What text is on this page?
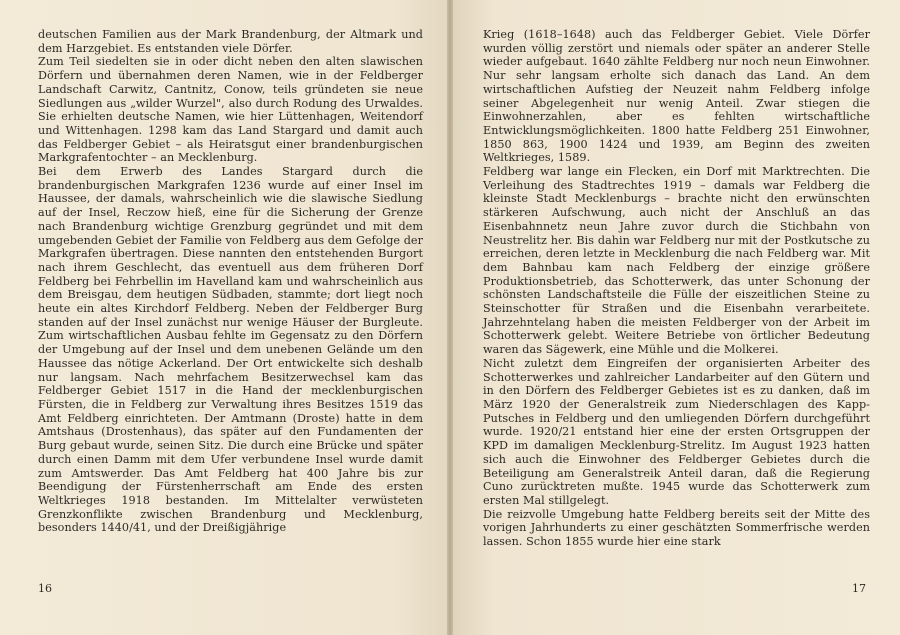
deutschen Familien aus der Mark Brandenburg, der Altmark und dem Harzgebiet. Es entstanden viele Dörfer.

Zum Teil siedelten sie in oder dicht neben den alten slawischen Dörfern und übernahmen deren Namen, wie in der Feldberger Landschaft Carwitz, Cantnitz, Conow, teils gründeten sie neue Siedlungen aus „wilder Wurzel", also durch Rodung des Urwaldes. Sie erhielten deutsche Namen, wie hier Lüttenhagen, Weitendorf und Wittenhagen. 1298 kam das Land Stargard und damit auch das Feldberger Gebiet – als Heiratsgut einer brandenburgischen Markgrafentochter – an Mecklenburg.

Bei dem Erwerb des Landes Stargard durch die brandenburgischen Markgrafen 1236 wurde auf einer Insel im Haussee, der damals, wahrscheinlich wie die slawische Siedlung auf der Insel, Reczow hieß, eine für die Sicherung der Grenze nach Brandenburg wichtige Grenzburg gegründet und mit dem umgebenden Gebiet der Familie von Feldberg aus dem Gefolge der Markgrafen übertragen. Diese nannten den entstehenden Burgort nach ihrem Geschlecht, das eventuell aus dem früheren Dorf Feldberg bei Fehrbellin im Havelland kam und wahrscheinlich aus dem Breisgau, dem heutigen Südbaden, stammte; dort liegt noch heute ein altes Kirchdorf Feldberg. Neben der Feldberger Burg standen auf der Insel zunächst nur wenige Häuser der Burgleute. Zum wirtschaftlichen Ausbau fehlte im Gegensatz zu den Dörfern der Umgebung auf der Insel und dem unebenen Gelände um den Haussee das nötige Ackerland. Der Ort entwickelte sich deshalb nur langsam. Nach mehrfachem Besitzerwechsel kam das Feldberger Gebiet 1517 in die Hand der mecklenburgischen Fürsten, die in Feldberg zur Verwaltung ihres Besitzes 1519 das Amt Feldberg einrichteten. Der Amtmann (Droste) hatte in dem Amtshaus (Drostenhaus), das später auf den Fundamenten der Burg gebaut wurde, seinen Sitz. Die durch eine Brücke und später durch einen Damm mit dem Ufer verbundene Insel wurde damit zum Amtswerder. Das Amt Feldberg hat 400 Jahre bis zur Beendigung der Fürstenherrschaft am Ende des ersten Weltkrieges 1918 bestanden. Im Mittelalter verwüsteten Grenzkonflikte zwischen Brandenburg und Mecklenburg, besonders 1440/41, und der Dreißigjährige

16

Krieg (1618–1648) auch das Feldberger Gebiet. Viele Dörfer wurden völlig zerstört und niemals oder später an anderer Stelle wieder aufgebaut. 1640 zählte Feldberg nur noch neun Einwohner. Nur sehr langsam erholte sich danach das Land. An dem wirtschaftlichen Aufstieg der Neuzeit nahm Feldberg infolge seiner Abgelegenheit nur wenig Anteil. Zwar stiegen die Einwohnerzahlen, aber es fehlten wirtschaftliche Entwicklungsmöglichkeiten. 1800 hatte Feldberg 251 Einwohner, 1850 863, 1900 1424 und 1939, am Beginn des zweiten Weltkrieges, 1589.

Feldberg war lange ein Flecken, ein Dorf mit Marktrechten. Die Verleihung des Stadtrechtes 1919 – damals war Feldberg die kleinste Stadt Mecklenburgs – brachte nicht den erwünschten stärkeren Aufschwung, auch nicht der Anschluß an das Eisenbahnnetz neun Jahre zuvor durch die Stichbahn von Neustrelitz her. Bis dahin war Feldberg nur mit der Postkutsche zu erreichen, deren letzte in Mecklenburg die nach Feldberg war. Mit dem Bahnbau kam nach Feldberg der einzige größere Produktionsbetrieb, das Schotterwerk, das unter Schonung der schönsten Landschaftsteile die Fülle der eiszeitlichen Steine zu Steinschotter für Straßen und die Eisenbahn verarbeitete. Jahrzehntelang haben die meisten Feldberger von der Arbeit im Schotterwerk gelebt. Weitere Betriebe von örtlicher Bedeutung waren das Sägewerk, eine Mühle und die Molkerei.

Nicht zuletzt dem Eingreifen der organisierten Arbeiter des Schotterwerkes und zahlreicher Landarbeiter auf den Gütern und in den Dörfern des Feldberger Gebietes ist es zu danken, daß im März 1920 der Generalstreik zum Niederschlagen des Kapp-Putsches in Feldberg und den umliegenden Dörfern durchgeführt wurde. 1920/21 entstand hier eine der ersten Ortsgruppen der KPD im damaligen Mecklenburg-Strelitz. Im August 1923 hatten sich auch die Einwohner des Feldberger Gebietes durch die Beteiligung am Generalstreik Anteil daran, daß die Regierung Cuno zurücktreten mußte. 1945 wurde das Schotterwerk zum ersten Mal stillgelegt.

Die reizvolle Umgebung hatte Feldberg bereits seit der Mitte des vorigen Jahrhunderts zu einer geschätzten Sommerfrische werden lassen. Schon 1855 wurde hier eine stark

17
